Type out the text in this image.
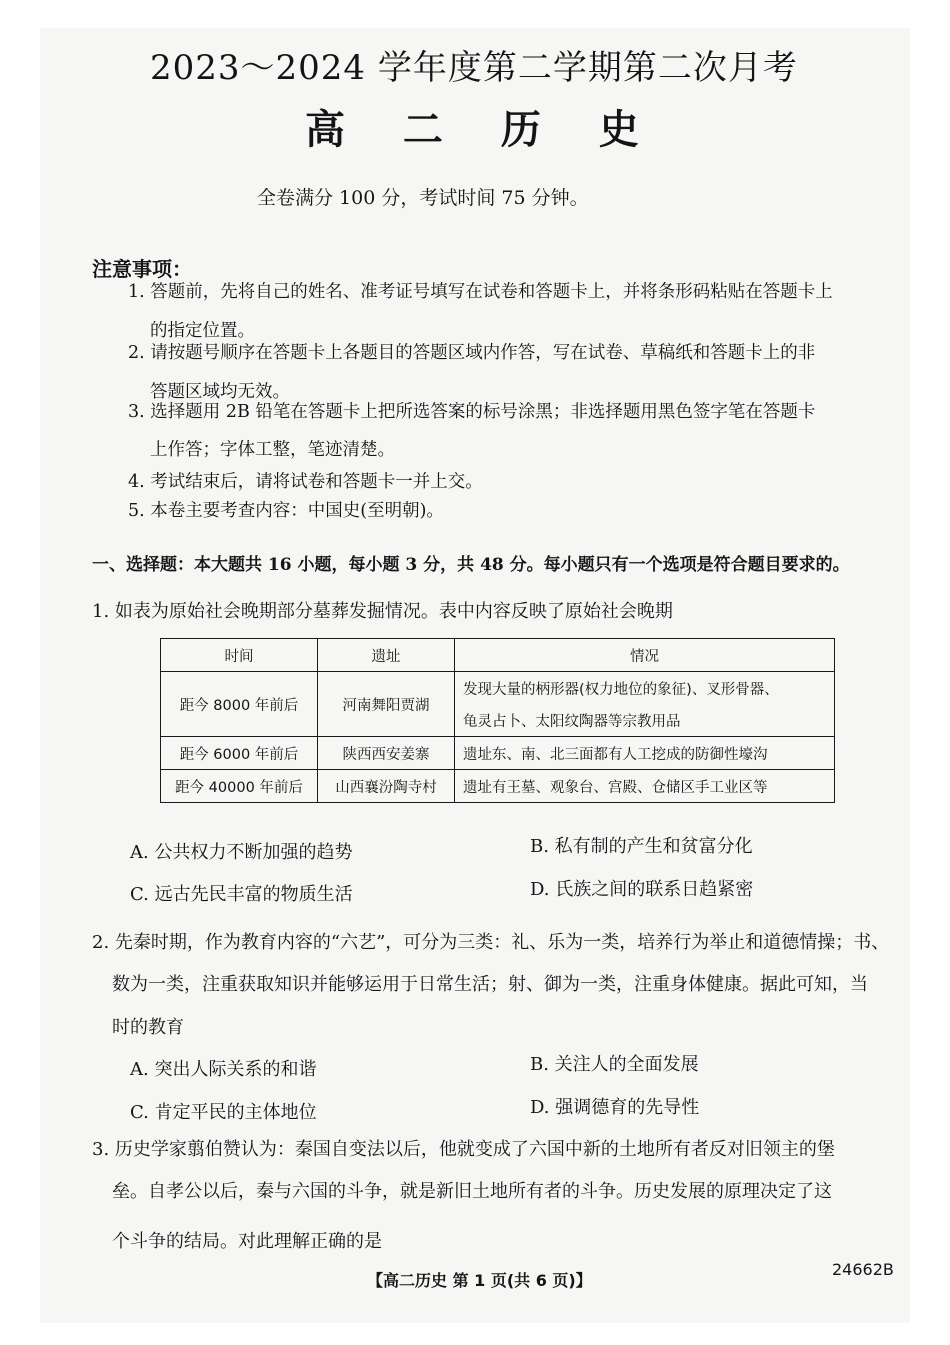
2023～2024 学年度第二学期第二次月考
高 二 历 史
全卷满分 100 分，考试时间 75 分钟。
注意事项：
1. 答题前，先将自己的姓名、准考证号填写在试卷和答题卡上，并将条形码粘贴在答题卡上
的指定位置。
2. 请按题号顺序在答题卡上各题目的答题区域内作答，写在试卷、草稿纸和答题卡上的非
答题区域均无效。
3. 选择题用 2B 铅笔在答题卡上把所选答案的标号涂黑；非选择题用黑色签字笔在答题卡
上作答；字体工整，笔迹清楚。
4. 考试结束后，请将试卷和答题卡一并上交。
5. 本卷主要考查内容：中国史(至明朝)。
一、选择题：本大题共 16 小题，每小题 3 分，共 48 分。每小题只有一个选项是符合题目要求的。
1. 如表为原始社会晚期部分墓葬发掘情况。表中内容反映了原始社会晚期
时间	遗址	情况
距今 8000 年前后	河南舞阳贾湖	发现大量的柄形器(权力地位的象征)、叉形骨器、
		龟灵占卜、太阳纹陶器等宗教用品
距今 6000 年前后	陕西西安姜寨	遗址东、南、北三面都有人工挖成的防御性壕沟
距今 40000 年前后	山西襄汾陶寺村	遗址有王墓、观象台、宫殿、仓储区手工业区等
A. 公共权力不断加强的趋势	B. 私有制的产生和贫富分化
C. 远古先民丰富的物质生活	D. 氏族之间的联系日趋紧密
2. 先秦时期，作为教育内容的“六艺”，可分为三类：礼、乐为一类，培养行为举止和道德情操；书、
数为一类，注重获取知识并能够运用于日常生活；射、御为一类，注重身体健康。据此可知，当
时的教育
A. 突出人际关系的和谐	B. 关注人的全面发展
C. 肯定平民的主体地位	D. 强调德育的先导性
3. 历史学家翦伯赞认为：秦国自变法以后，他就变成了六国中新的土地所有者反对旧领主的堡
垒。自孝公以后，秦与六国的斗争，就是新旧土地所有者的斗争。历史发展的原理决定了这
个斗争的结局。对此理解正确的是
【高二历史 第 1 页(共 6 页)】
24662B
